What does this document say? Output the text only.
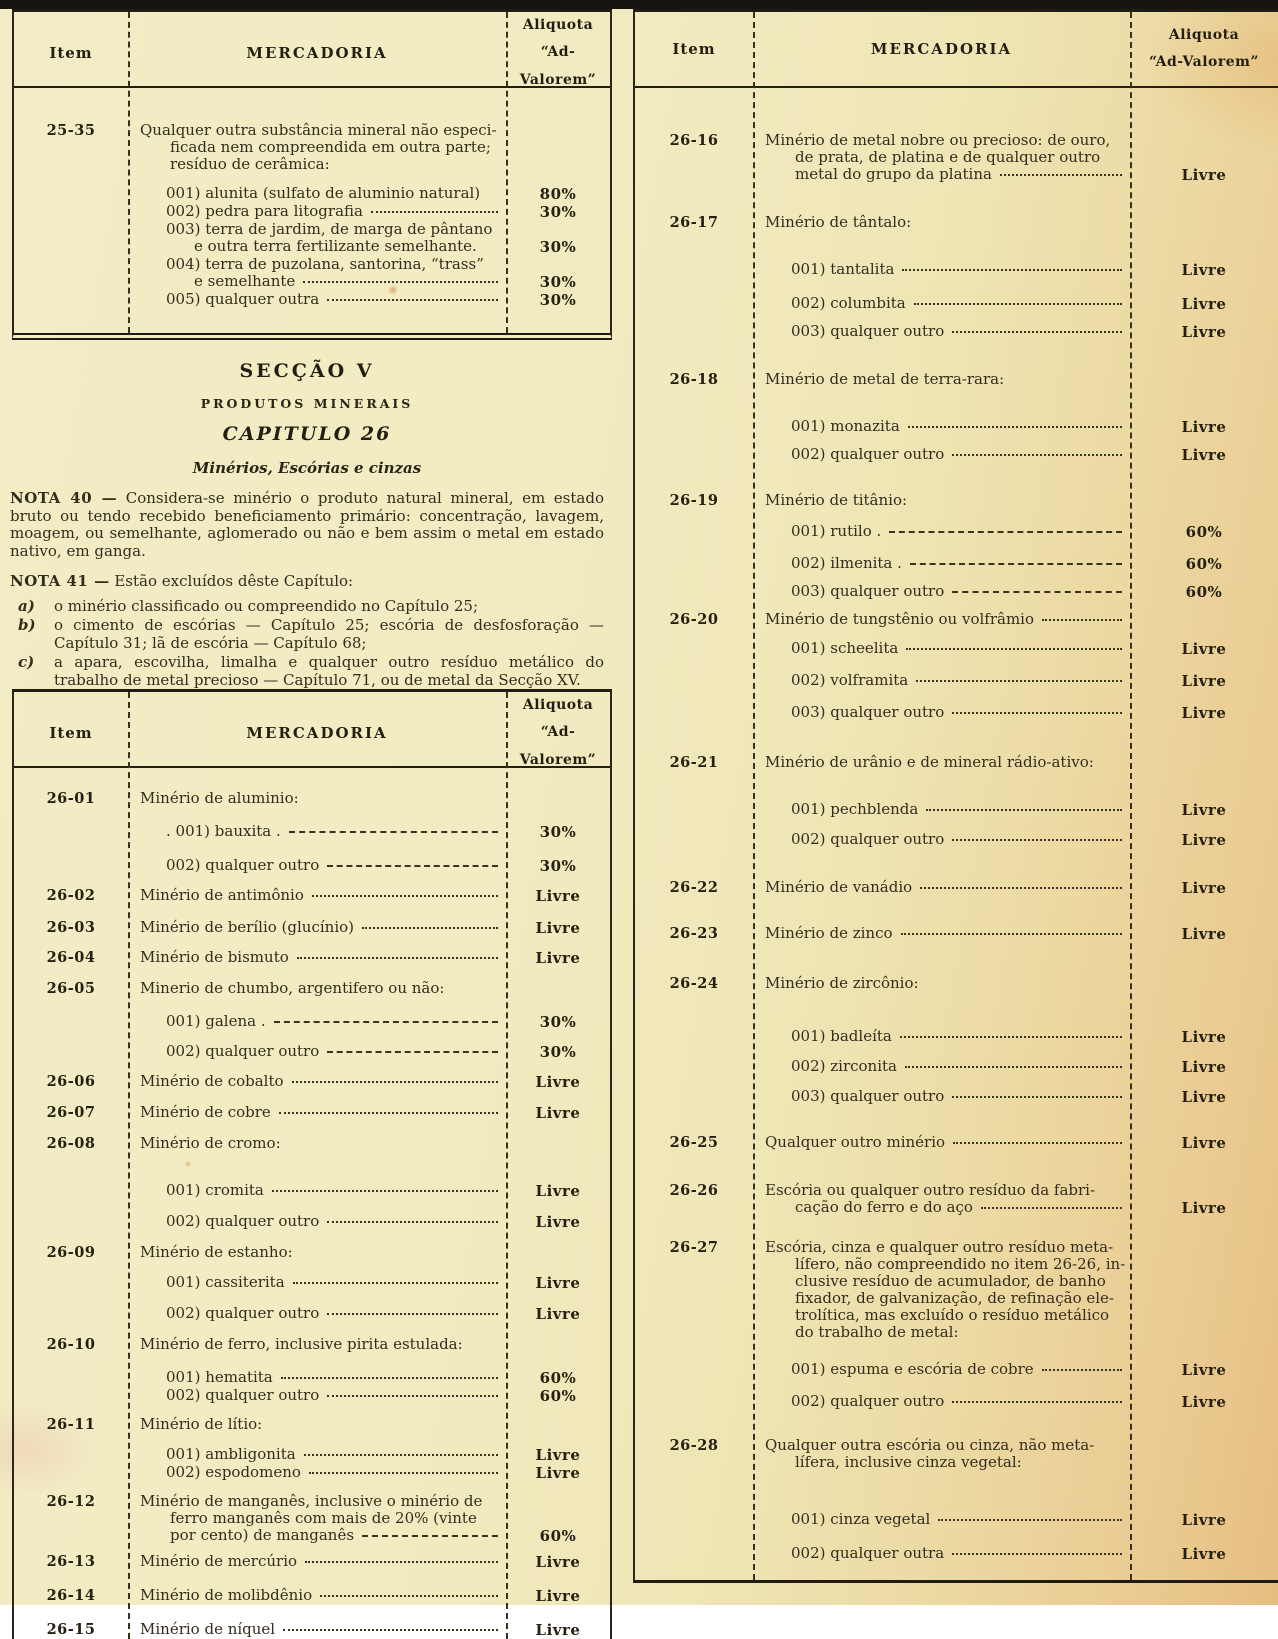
Item	MERCADORIA
Aliquota
“Ad-Valorem”
25-35	Qualquer outra substância mineral não especi-
ficada nem compreendida em outra parte;
resíduo de cerâmica:
001) alunita (sulfato de aluminio natural)	80%
002) pedra para litografia	30%
003) terra de jardim, de marga de pântano
e outra terra fertilizante semelhante.	30%
004) terra de puzolana, santorina, “trass”
e semelhante	30%
005) qualquer outra	30%
SECÇÃO V
PRODUTOS MINERAIS
CAPITULO 26
Minérios, Escórias e cinzas

NOTA 40 — Considera-se minério o produto natural mineral, em estado bruto ou tendo recebido beneficiamento primário: concentração, lavagem, moagem, ou semelhante, aglomerado ou não e bem assim o metal em estado nativo, em ganga.

NOTA 41 — Estão excluídos dêste Capítulo:

a) o minério classificado ou compreendido no Capítulo 25;
b) o cimento de escórias — Capítulo 25; escória de desfosforação — Capítulo 31; lã de escória — Capítulo 68;
c) a apara, escovilha, limalha e qualquer outro resíduo metálico do trabalho de metal precioso — Capítulo 71, ou de metal da Secção XV.
Item	MERCADORIA
Aliquota
“Ad-Valorem”
26-01	Minério de aluminio:
. 001) bauxita .	30%
002) qualquer outro	30%
26-02	Minério de antimônio	Livre
26-03	Minério de berílio (glucínio)	Livre
26-04	Minério de bismuto	Livre
26-05	Minerio de chumbo, argentifero ou não:
001) galena .	30%
002) qualquer outro	30%
26-06	Minério de cobalto	Livre
26-07	Minério de cobre	Livre
26-08	Minério de cromo:
001) cromita	Livre
002) qualquer outro	Livre
26-09	Minério de estanho:
001) cassiterita	Livre
002) qualquer outro	Livre
26-10	Minério de ferro, inclusive pirita estulada:
001) hematita	60%
002) qualquer outro	60%
26-11	Minério de lítio:
001) ambligonita	Livre
002) espodomeno	Livre
26-12	Minério de manganês, inclusive o minério de
ferro manganês com mais de 20% (vinte
por cento) de manganês	60%
26-13	Minério de mercúrio	Livre
26-14	Minério de molibdênio	Livre
26-15	Minério de níquel	Livre
Item	MERCADORIA
Aliquota
“Ad-Valorem”
26-16	Minério de metal nobre ou precioso: de ouro,
de prata, de platina e de qualquer outro
metal do grupo da platina	Livre
26-17	Minério de tântalo:
001) tantalita	Livre
002) columbita	Livre
003) qualquer outro	Livre
26-18	Minério de metal de terra-rara:
001) monazita	Livre
002) qualquer outro	Livre
26-19	Minério de titânio:
001) rutilo .	60%
002) ilmenita .	60%
003) qualquer outro	60%
26-20	Minério de tungstênio ou volfrâmio
001) scheelita	Livre
002) volframita	Livre
003) qualquer outro	Livre
26-21	Minério de urânio e de mineral rádio-ativo:
001) pechblenda	Livre
002) qualquer outro	Livre
26-22	Minério de vanádio	Livre
26-23	Minério de zinco	Livre
26-24	Minério de zircônio:
001) badleíta	Livre
002) zirconita	Livre
003) qualquer outro	Livre
26-25	Qualquer outro minério	Livre
26-26	Escória ou qualquer outro resíduo da fabri-
cação do ferro e do aço	Livre
26-27	Escória, cinza e qualquer outro resíduo meta-
lífero, não compreendido no item 26-26, in-
clusive resíduo de acumulador, de banho
fixador, de galvanização, de refinação ele-
trolítica, mas excluído o resíduo metálico
do trabalho de metal:
001) espuma e escória de cobre	Livre
002) qualquer outro	Livre
26-28	Qualquer outra escória ou cinza, não meta-
lífera, inclusive cinza vegetal:
001) cinza vegetal	Livre
002) qualquer outra	Livre
